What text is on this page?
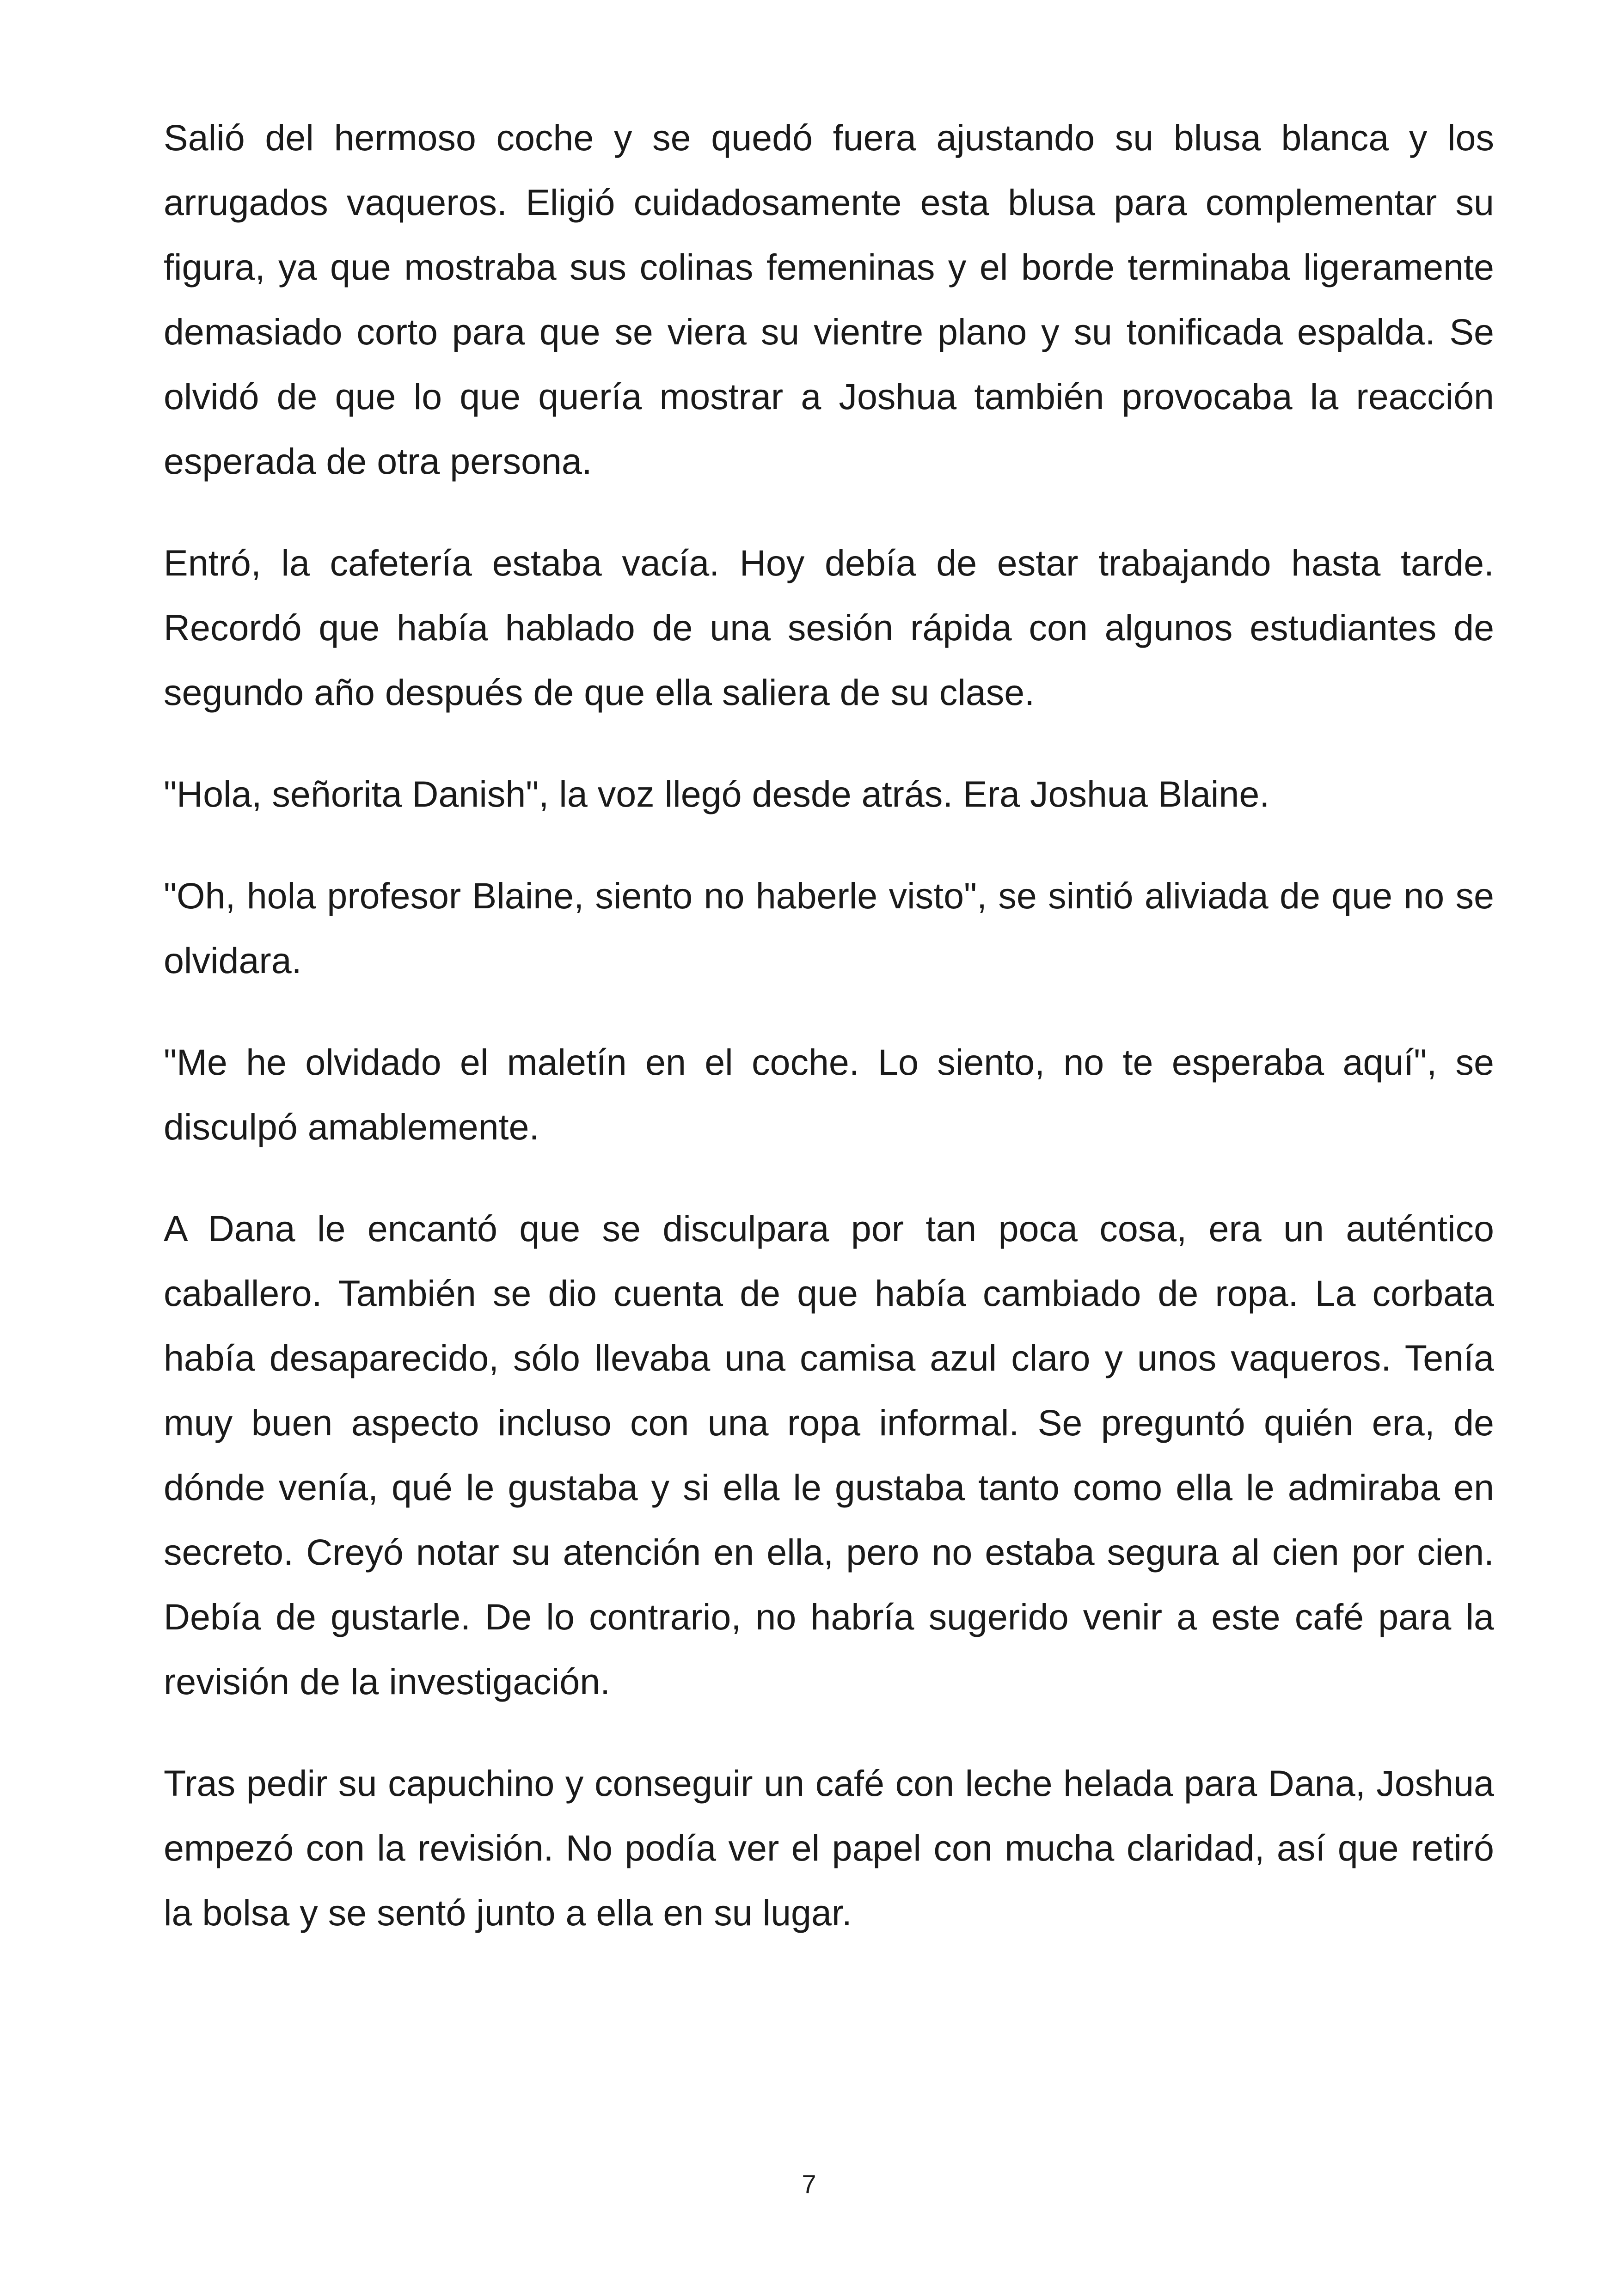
Salió del hermoso coche y se quedó fuera ajustando su blusa blanca y los arrugados vaqueros. Eligió cuidadosamente esta blusa para complementar su figura, ya que mostraba sus colinas femeninas y el borde terminaba ligeramente demasiado corto para que se viera su vientre plano y su tonificada espalda. Se olvidó de que lo que quería mostrar a Joshua también provocaba la reacción esperada de otra persona.

Entró, la cafetería estaba vacía. Hoy debía de estar trabajando hasta tarde. Recordó que había hablado de una sesión rápida con algunos estudiantes de segundo año después de que ella saliera de su clase.

"Hola, señorita Danish", la voz llegó desde atrás. Era Joshua Blaine.

"Oh, hola profesor Blaine, siento no haberle visto", se sintió aliviada de que no se olvidara.

"Me he olvidado el maletín en el coche. Lo siento, no te esperaba aquí", se disculpó amablemente.

A Dana le encantó que se disculpara por tan poca cosa, era un auténtico caballero. También se dio cuenta de que había cambiado de ropa. La corbata había desaparecido, sólo llevaba una camisa azul claro y unos vaqueros. Tenía muy buen aspecto incluso con una ropa informal. Se preguntó quién era, de dónde venía, qué le gustaba y si ella le gustaba tanto como ella le admiraba en secreto. Creyó notar su atención en ella, pero no estaba segura al cien por cien. Debía de gustarle. De lo contrario, no habría sugerido venir a este café para la revisión de la investigación.

Tras pedir su capuchino y conseguir un café con leche helada para Dana, Joshua empezó con la revisión. No podía ver el papel con mucha claridad, así que retiró la bolsa y se sentó junto a ella en su lugar.

7
